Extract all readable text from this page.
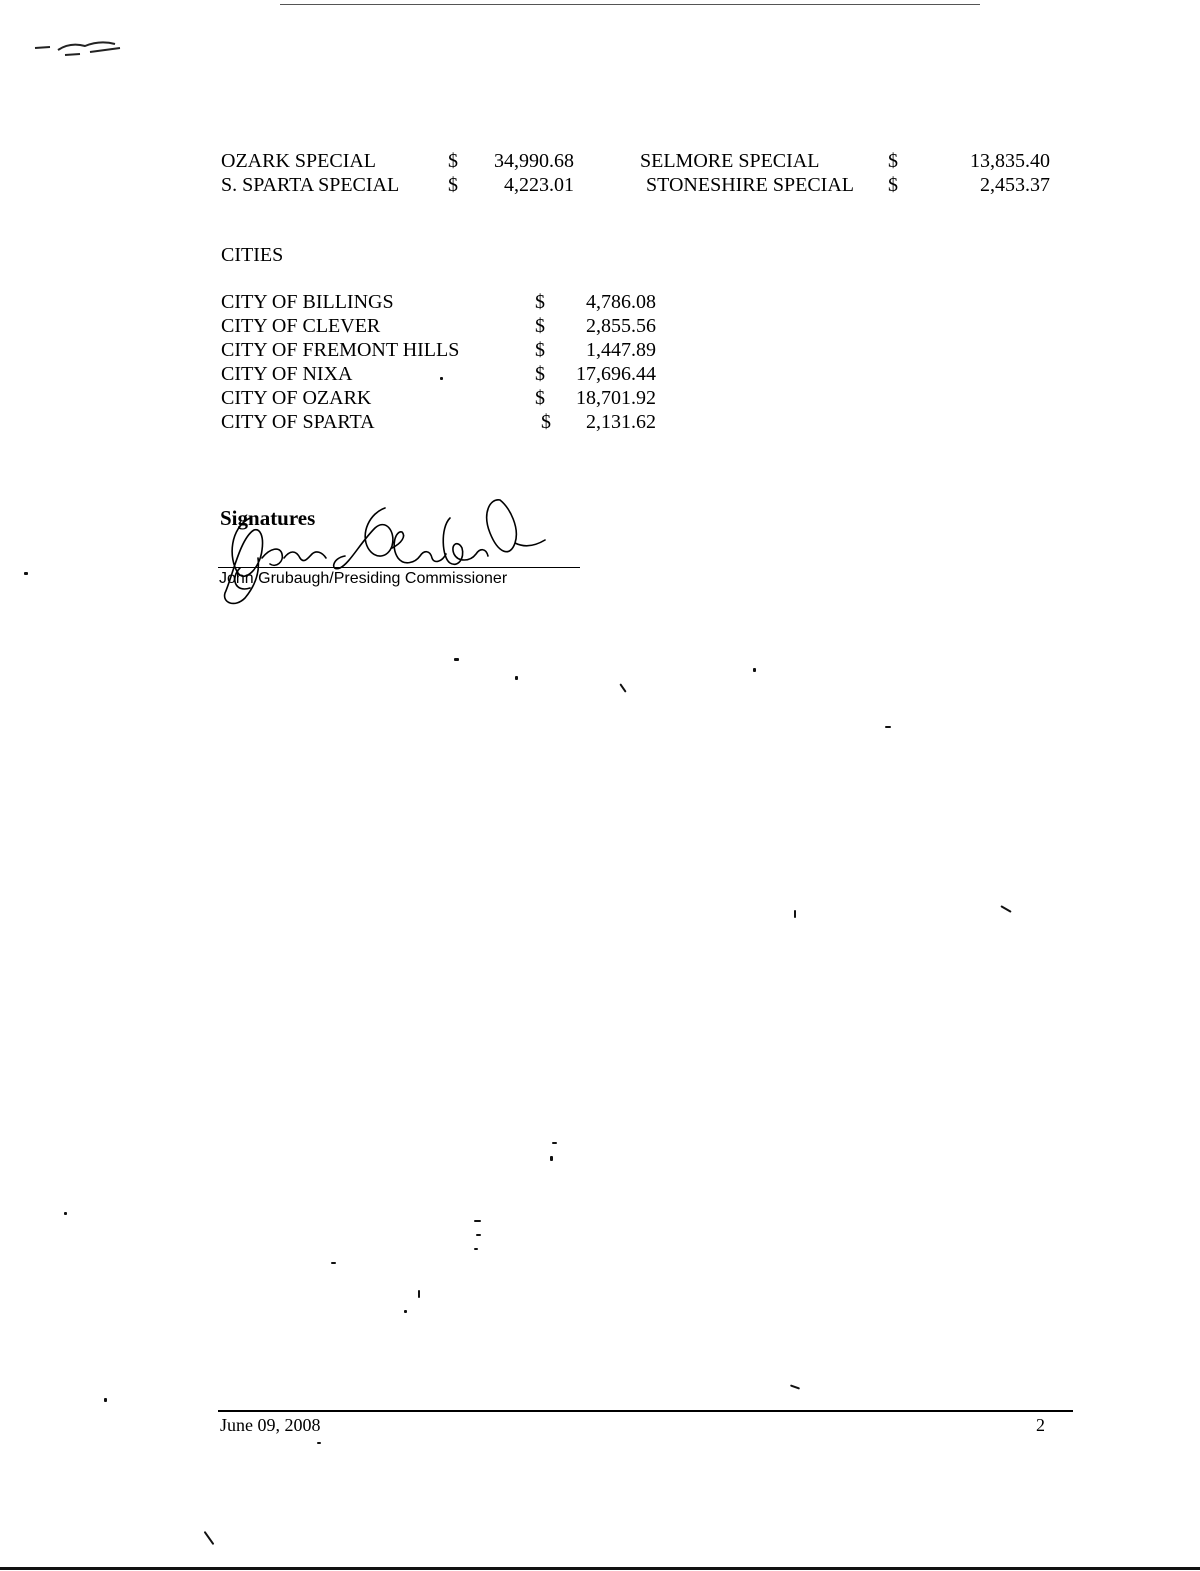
OZARK SPECIAL	$	34,990.68	SELMORE SPECIAL	$	13,835.40
S. SPARTA SPECIAL $	4,223.01	STONESHIRE SPECIAL $	2,453.37
CITIES
CITY OF BILLINGS	$	4,786.08
CITY OF CLEVER	$	2,855.56
CITY OF FREMONT HILLS	$	1,447.89
CITY OF NIXA	$	17,696.44
CITY OF OZARK	$	18,701.92
CITY OF SPARTA	$	2,131.62
Signatures
John Grubaugh/Presiding Commissioner
June 09, 2008	2
